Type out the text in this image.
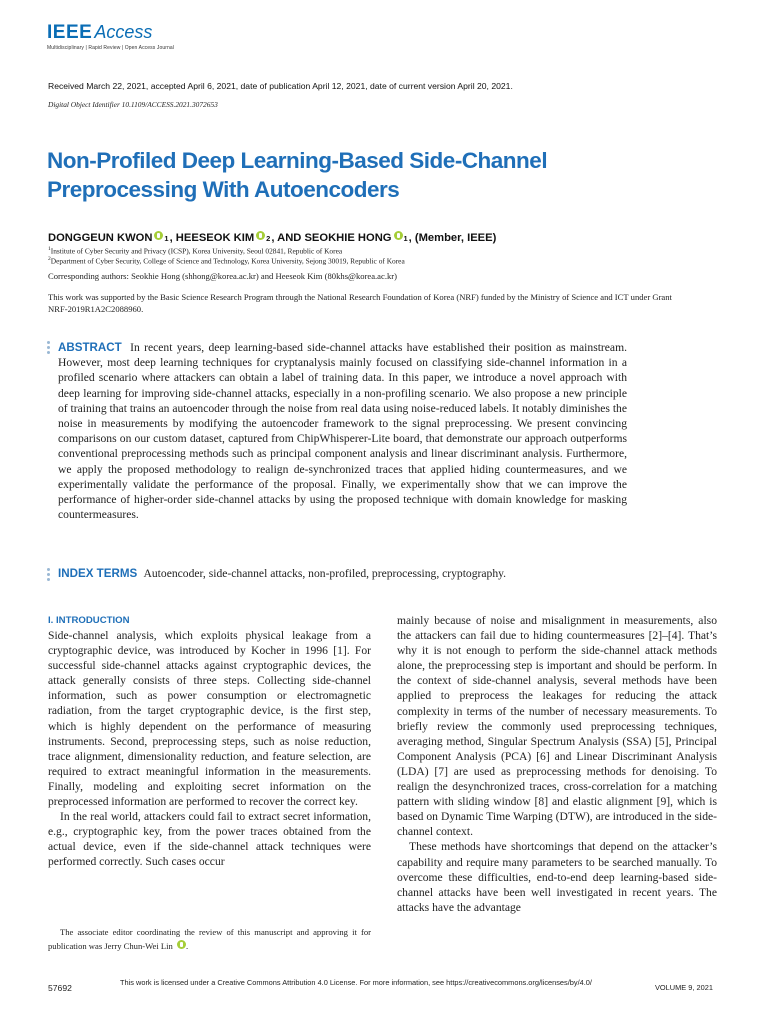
IEEE Access
Multidisciplinary | Rapid Review | Open Access Journal
Received March 22, 2021, accepted April 6, 2021, date of publication April 12, 2021, date of current version April 20, 2021.
Digital Object Identifier 10.1109/ACCESS.2021.3072653
Non-Profiled Deep Learning-Based Side-Channel Preprocessing With Autoencoders
DONGGEUN KWON 1 , HEESEOK KIM 2 , AND SEOKHIE HONG 1 , (Member, IEEE)
$^1$Institute of Cyber Security and Privacy (ICSP), Korea University, Seoul 02841, Republic of Korea
$^2$Department of Cyber Security, College of Science and Technology, Korea University, Sejong 30019, Republic of Korea
Corresponding authors: Seokhie Hong (shhong@korea.ac.kr) and Heeseok Kim (80khs@korea.ac.kr)
This work was supported by the Basic Science Research Program through the National Research Foundation of Korea (NRF) funded by the Ministry of Science and ICT under Grant NRF-2019R1A2C2088960.
ABSTRACT In recent years, deep learning-based side-channel attacks have established their position as mainstream. However, most deep learning techniques for cryptanalysis mainly focused on classifying side-channel information in a profiled scenario where attackers can obtain a label of training data. In this paper, we introduce a novel approach with deep learning for improving side-channel attacks, especially in a non-profiling scenario. We also propose a new principle of training that trains an autoencoder through the noise from real data using noise-reduced labels. It notably diminishes the noise in measurements by modifying the autoencoder framework to the signal preprocessing. We present convincing comparisons on our custom dataset, captured from ChipWhisperer-Lite board, that demonstrate our approach outperforms conventional preprocessing methods such as principal component analysis and linear discriminant analysis. Furthermore, we apply the proposed methodology to realign de-synchronized traces that applied hiding countermeasures, and we experimentally validate the performance of the proposal. Finally, we experimentally show that we can improve the performance of higher-order side-channel attacks by using the proposed technique with domain knowledge for masking countermeasures.
INDEX TERMS Autoencoder, side-channel attacks, non-profiled, preprocessing, cryptography.
I. INTRODUCTION

Side-channel analysis, which exploits physical leakage from a cryptographic device, was introduced by Kocher in 1996 [1]. For successful side-channel attacks against cryptographic devices, the attack generally consists of three steps. Collecting side-channel information, such as power consumption or electromagnetic radiation, from the target cryptographic device, is the first step, which is highly dependent on the performance of measuring instruments. Second, preprocessing steps, such as noise reduction, trace alignment, dimensionality reduction, and feature selection, are required to extract meaningful information in the measurements. Finally, modeling and exploiting secret information on the preprocessed information are performed to recover the correct key.

In the real world, attackers could fail to extract secret information, e.g., cryptographic key, from the power traces obtained from the actual device, even if the side-channel attack techniques were performed correctly. Such cases occur

mainly because of noise and misalignment in measurements, also the attackers can fail due to hiding countermeasures [2]–[4]. That’s why it is not enough to perform the side-channel attack methods alone, the preprocessing step is important and should be perform. In the context of side-channel analysis, several methods have been applied to preprocess the leakages for reducing the attack complexity in terms of the number of necessary measurements. To briefly review the commonly used preprocessing techniques, averaging method, Singular Spectrum Analysis (SSA) [5], Principal Component Analysis (PCA) [6] and Linear Discriminant Analysis (LDA) [7] are used as preprocessing methods for denoising. To realign the desynchronized traces, cross-correlation for a matching pattern with sliding window [8] and elastic alignment [9], which is based on Dynamic Time Warping (DTW), are introduced in the side-channel context.

These methods have shortcomings that depend on the attacker’s capability and require many parameters to be searched manually. To overcome these difficulties, end-to-end deep learning-based side-channel attacks have been well investigated in recent years. The attacks have the advantage

The associate editor coordinating the review of this manuscript and approving it for publication was Jerry Chun-Wei Lin .
57692
This work is licensed under a Creative Commons Attribution 4.0 License. For more information, see https://creativecommons.org/licenses/by/4.0/
VOLUME 9, 2021
